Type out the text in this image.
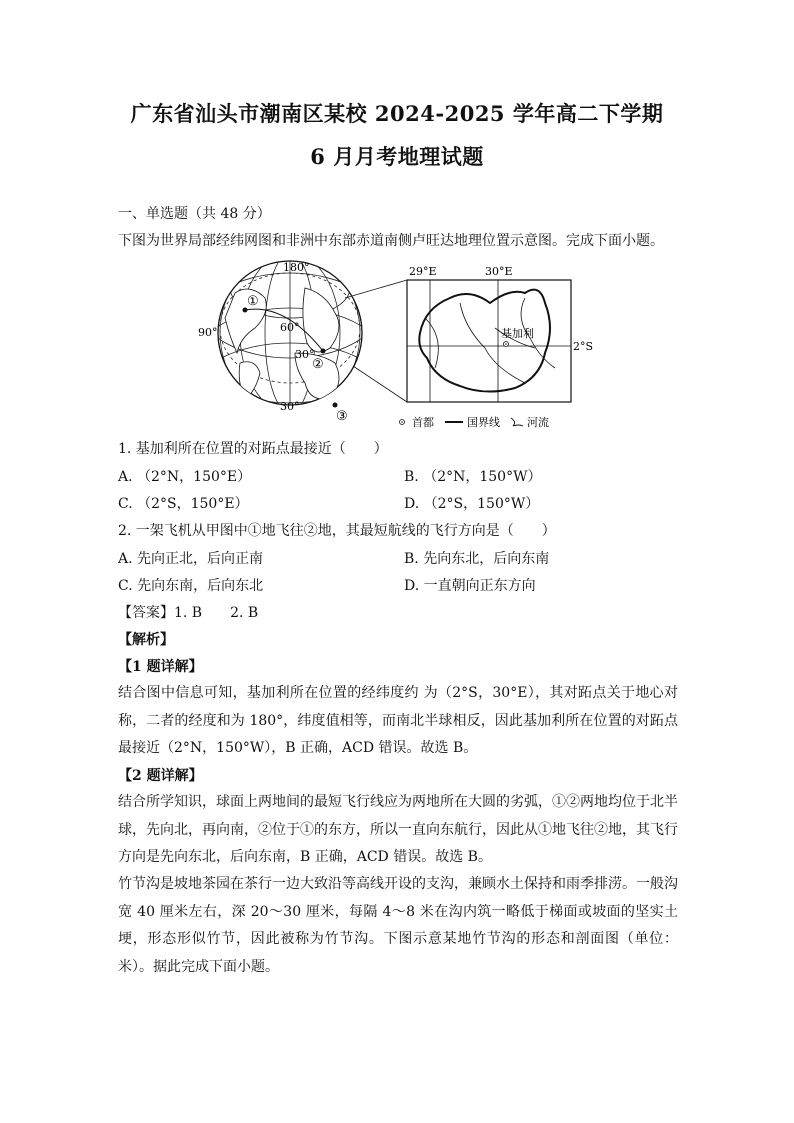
广东省汕头市潮南区某校 2024-2025 学年高二下学期
6 月月考地理试题
一、单选题（共 48 分）
下图为世界局部经纬网图和非洲中东部赤道南侧卢旺达地理位置示意图。完成下面小题。
180°
90°	60°
30°
30°
①
②
③
29°E	30°E
2°S
基加利
首都	国界线 河流
1. 基加利所在位置的对跖点最接近（　　）
A. （2°N，150°E）	B. （2°N，150°W）
C. （2°S，150°E）	D. （2°S，150°W）
2. 一架飞机从甲图中①地飞往②地，其最短航线的飞行方向是（　　）
A. 先向正北，后向正南	B. 先向东北，后向东南
C. 先向东南，后向东北	D. 一直朝向正东方向
【答案】1. B　　2. B
【解析】
【1 题详解】
结合图中信息可知，基加利所在位置的经纬度约 为（2°S，30°E），其对跖点关于地心对称，二者的经度和为 180°，纬度值相等，而南北半球相反，因此基加利所在位置的对跖点最接近（2°N，150°W），B 正确，ACD 错误。故选 B。
【2 题详解】
结合所学知识，球面上两地间的最短飞行线应为两地所在大圆的劣弧，①②两地均位于北半球，先向北，再向南，②位于①的东方，所以一直向东航行，因此从①地飞往②地，其飞行方向是先向东北，后向东南，B 正确，ACD 错误。故选 B。
竹节沟是坡地茶园在茶行一边大致沿等高线开设的支沟，兼顾水土保持和雨季排涝。一般沟宽 40 厘米左右，深 20～30 厘米，每隔 4～8 米在沟内筑一略低于梯面或坡面的坚实土埂，形态形似竹节，因此被称为竹节沟。下图示意某地竹节沟的形态和剖面图（单位：米）。据此完成下面小题。
